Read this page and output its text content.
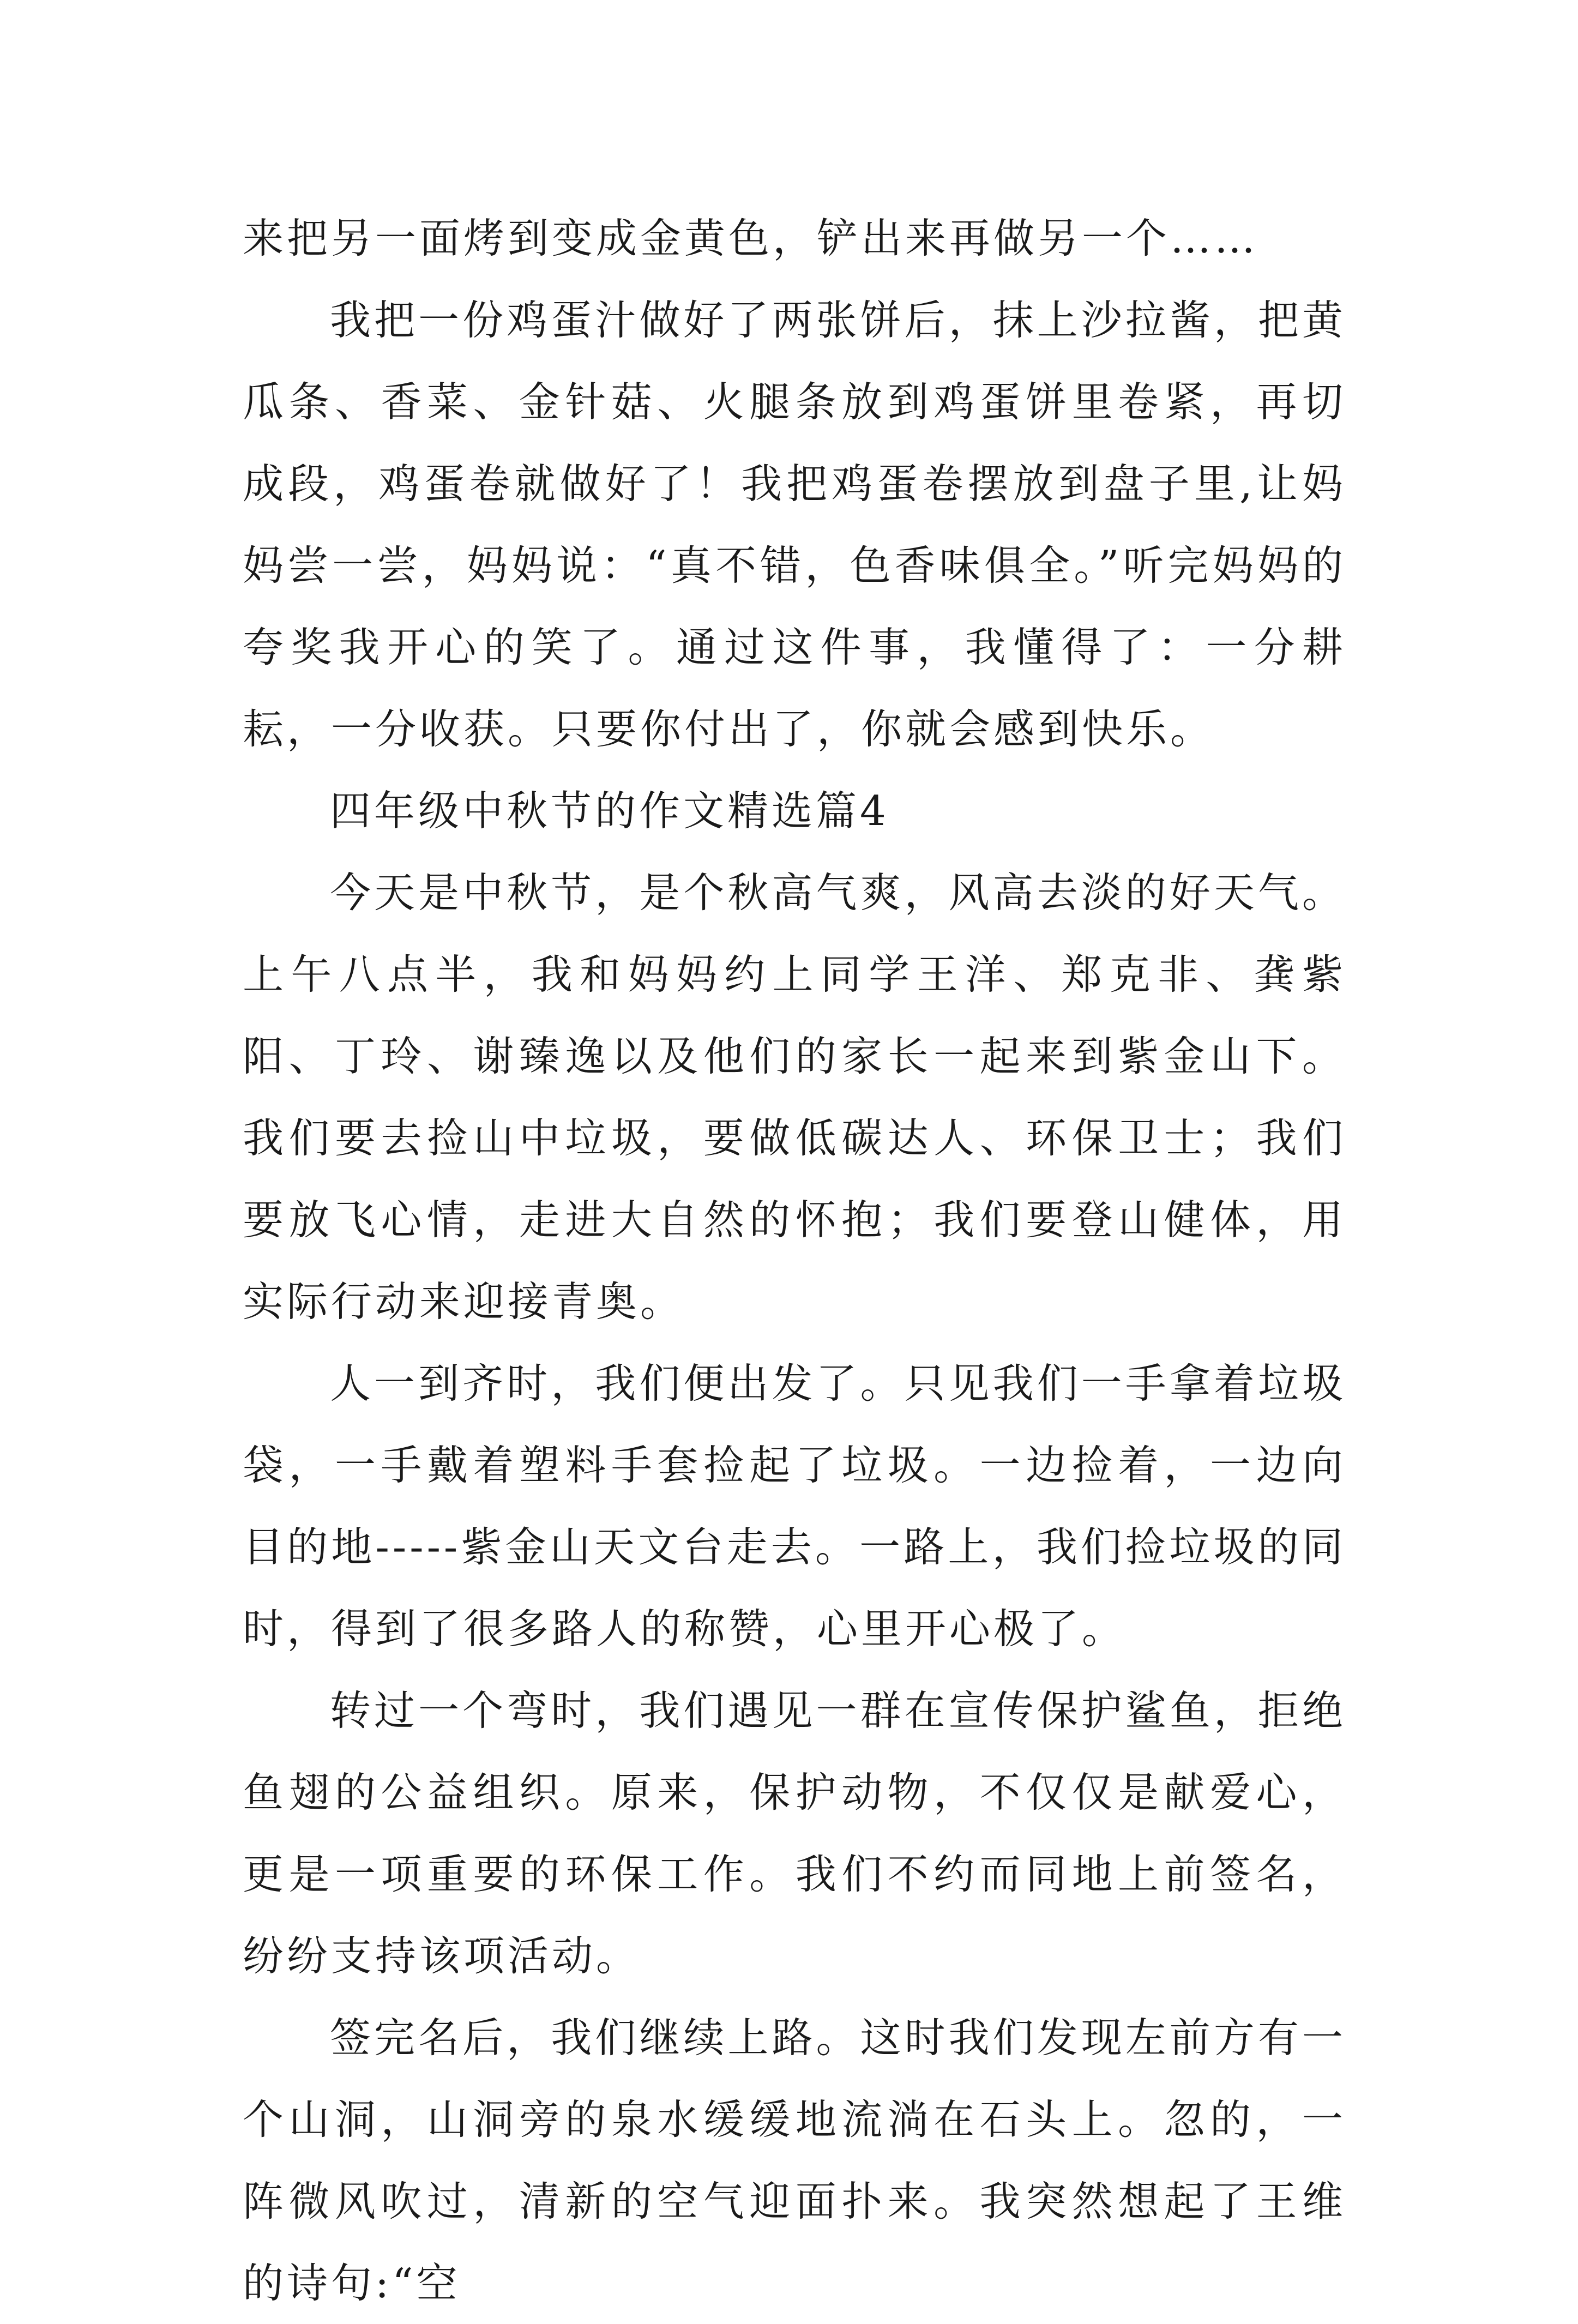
来把另一面烤到变成金黄色，铲出来再做另一个……

我把一份鸡蛋汁做好了两张饼后，抹上沙拉酱，把黄瓜条、香菜、金针菇、火腿条放到鸡蛋饼里卷紧，再切成段，鸡蛋卷就做好了！我把鸡蛋卷摆放到盘子里,让妈妈尝一尝，妈妈说：“真不错，色香味俱全。”听完妈妈的夸奖我开心的笑了。通过这件事，我懂得了：一分耕耘，一分收获。只要你付出了，你就会感到快乐。

四年级中秋节的作文精选篇4

今天是中秋节，是个秋高气爽，风高去淡的好天气。上午八点半，我和妈妈约上同学王洋、郑克非、龚紫阳、丁玲、谢臻逸以及他们的家长一起来到紫金山下。我们要去捡山中垃圾，要做低碳达人、环保卫士；我们要放飞心情，走进大自然的怀抱；我们要登山健体，用实际行动来迎接青奥。

人一到齐时，我们便出发了。只见我们一手拿着垃圾袋，一手戴着塑料手套捡起了垃圾。一边捡着，一边向目的地-----紫金山天文台走去。一路上，我们捡垃圾的同时，得到了很多路人的称赞，心里开心极了。

转过一个弯时，我们遇见一群在宣传保护鲨鱼，拒绝鱼翅的公益组织。原来，保护动物，不仅仅是献爱心，更是一项重要的环保工作。我们不约而同地上前签名，纷纷支持该项活动。

签完名后，我们继续上路。这时我们发现左前方有一个山洞，山洞旁的泉水缓缓地流淌在石头上。忽的，一阵微风吹过，清新的空气迎面扑来。我突然想起了王维的诗句:“空
